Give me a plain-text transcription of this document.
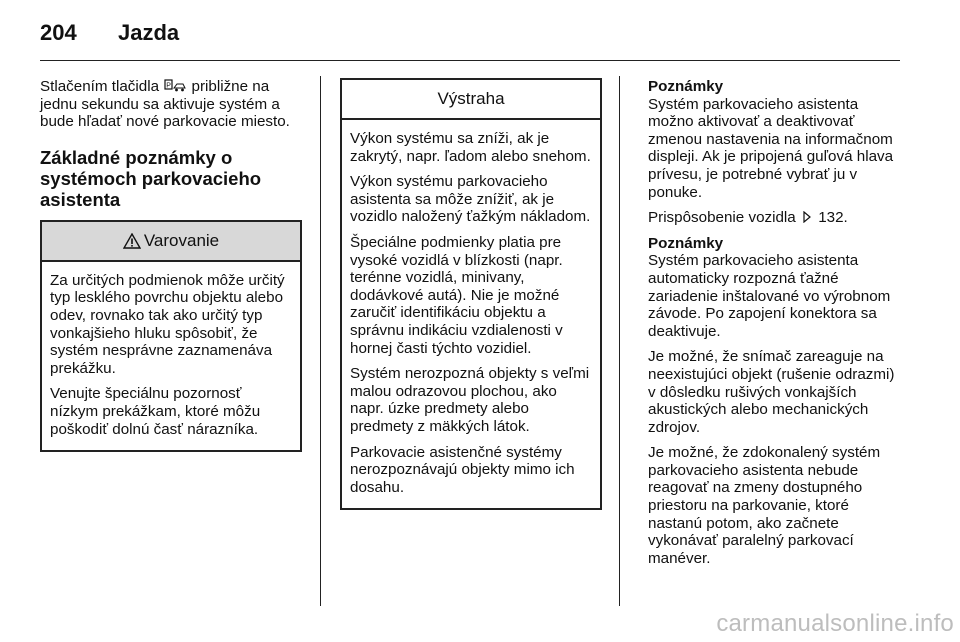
204	Jazda

Stlačením tlačidla P približne na jednu sekundu sa aktivuje systém a bude hľadať nové parkovacie miesto.

Základné poznámky o systémoch parkovacieho asistenta
Varovanie

Za určitých podmienok môže určitý typ lesklého povrchu objektu alebo odev, rovnako tak ako určitý typ vonkajšieho hluku spôsobiť, že systém nesprávne zaznamenáva prekážku.

Venujte špeciálnu pozornosť nízkym prekážkam, ktoré môžu poškodiť dolnú časť nárazníka.

Výstraha

Výkon systému sa zníži, ak je zakrytý, napr. ľadom alebo snehom.

Výkon systému parkovacieho asistenta sa môže znížiť, ak je vozidlo naložený ťažkým nákladom.

Špeciálne podmienky platia pre vysoké vozidlá v blízkosti (napr. terénne vozidlá, minivany, dodávkové autá). Nie je možné zaručiť identifikáciu objektu a správnu indikáciu vzdialenosti v hornej časti týchto vozidiel.

Systém nerozpozná objekty s veľmi malou odrazovou plochou, ako napr. úzke predmety alebo predmety z mäkkých látok.

Parkovacie asistenčné systémy nerozpoznávajú objekty mimo ich dosahu.

Poznámky

Systém parkovacieho asistenta možno aktivovať a deaktivovať zmenou nastavenia na informačnom displeji. Ak je pripojená guľová hlava prívesu, je potrebné vybrať ju v ponuke.

Prispôsobenie vozidla 132.

Poznámky

Systém parkovacieho asistenta automaticky rozpozná ťažné zariadenie inštalované vo výrobnom závode. Po zapojení konektora sa deaktivuje.

Je možné, že snímač zareaguje na neexistujúci objekt (rušenie odrazmi) v dôsledku rušivých vonkajších akustických alebo mechanických zdrojov.

Je možné, že zdokonalený systém parkovacieho asistenta nebude reagovať na zmeny dostupného priestoru na parkovanie, ktoré nastanú potom, ako začnete vykonávať paralelný parkovací manéver.

carmanualsonline.info
